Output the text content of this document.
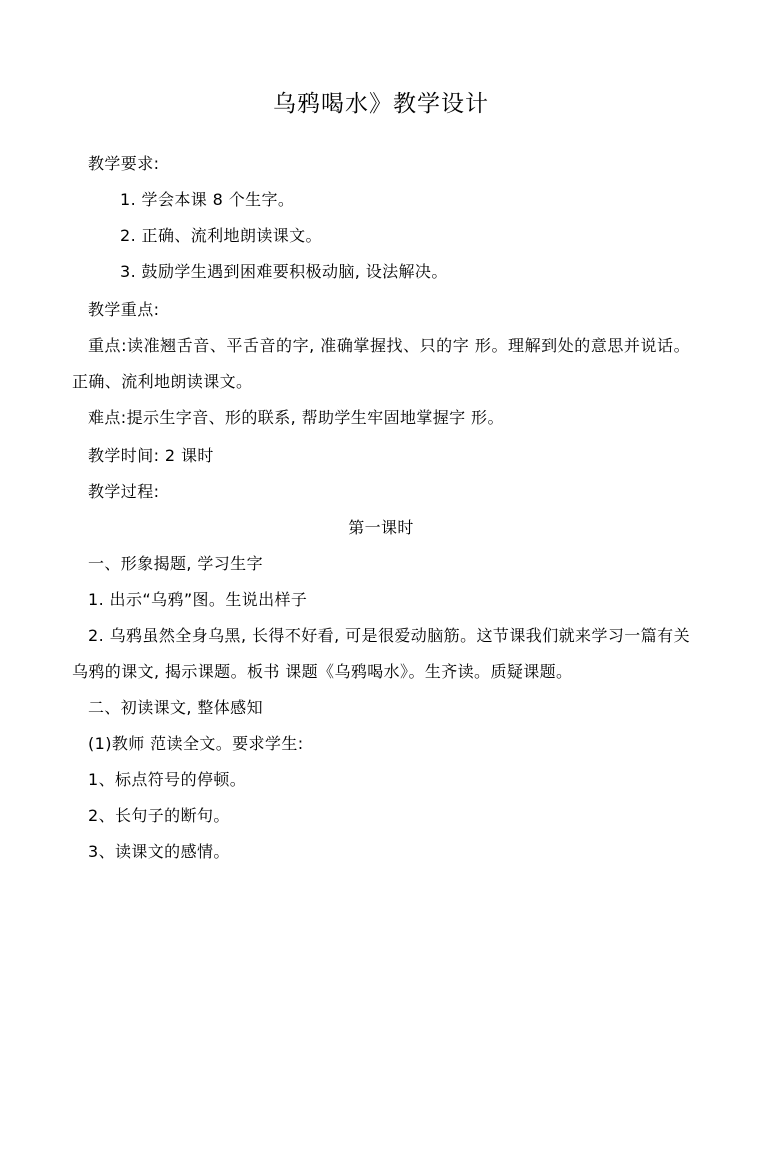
乌鸦喝水》教学设计

教学要求:

1. 学会本课 8 个生字。

2. 正确、流利地朗读课文。

3. 鼓励学生遇到困难要积极动脑, 设法解决。

教学重点:

重点:读准翘舌音、平舌音的字, 准确掌握找、只的字 形。理解到处的意思并说话。正确、流利地朗读课文。

难点:提示生字音、形的联系, 帮助学生牢固地掌握字 形。

教学时间: 2 课时

教学过程:

第一课时

一、形象揭题, 学习生字

1. 出示“乌鸦”图。生说出样子

2. 乌鸦虽然全身乌黑, 长得不好看, 可是很爱动脑筋。这节课我们就来学习一篇有关乌鸦的课文, 揭示课题。板书 课题《乌鸦喝水》。生齐读。质疑课题。

二、初读课文, 整体感知

(1)教师 范读全文。要求学生:

1、标点符号的停顿。

2、长句子的断句。

3、读课文的感情。
